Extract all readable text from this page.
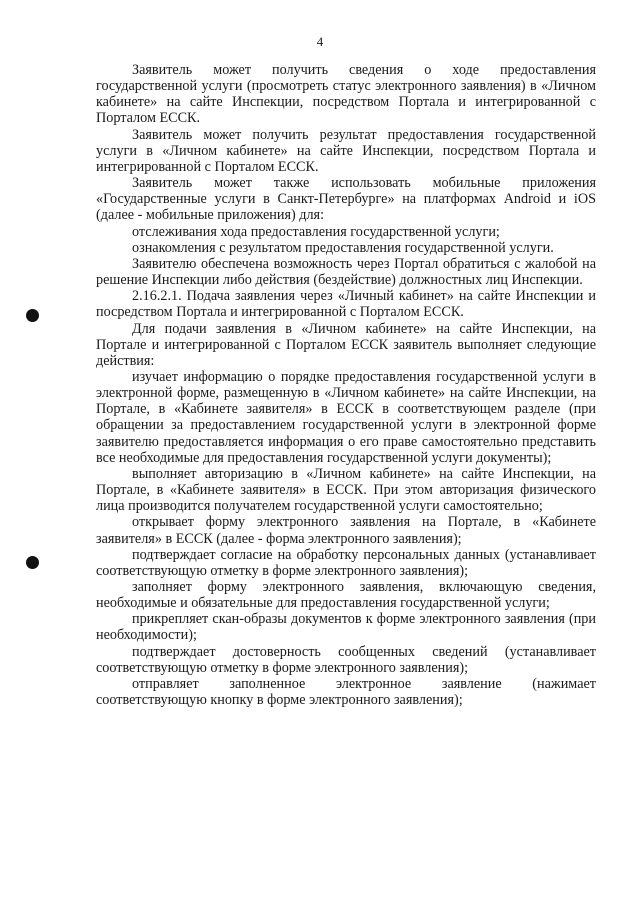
4

Заявитель может получить сведения о ходе предоставления государственной услуги (просмотреть статус электронного заявления) в «Личном кабинете» на сайте Инспекции, посредством Портала и интегрированной с Порталом ЕССК.

Заявитель может получить результат предоставления государственной услуги в «Личном кабинете» на сайте Инспекции, посредством Портала и интегрированной с Порталом ЕССК.

Заявитель может также использовать мобильные приложения «Государственные услуги в Санкт-Петербурге» на платформах Android и iOS (далее - мобильные приложения) для:

отслеживания хода предоставления государственной услуги;

ознакомления с результатом предоставления государственной услуги.

Заявителю обеспечена возможность через Портал обратиться с жалобой на решение Инспекции либо действия (бездействие) должностных лиц Инспекции.

2.16.2.1. Подача заявления через «Личный кабинет» на сайте Инспекции и посредством Портала и интегрированной с Порталом ЕССК.

Для подачи заявления в «Личном кабинете» на сайте Инспекции, на Портале и интегрированной с Порталом ЕССК заявитель выполняет следующие действия:

изучает информацию о порядке предоставления государственной услуги в электронной форме, размещенную в «Личном кабинете» на сайте Инспекции, на Портале, в «Кабинете заявителя» в ЕССК в соответствующем разделе (при обращении за предоставлением государственной услуги в электронной форме заявителю предоставляется информация о его праве самостоятельно представить все необходимые для предоставления государственной услуги документы);

выполняет авторизацию в «Личном кабинете» на сайте Инспекции, на Портале, в «Кабинете заявителя» в ЕССК. При этом авторизация физического лица производится получателем государственной услуги самостоятельно;

открывает форму электронного заявления на Портале, в «Кабинете заявителя» в ЕССК (далее - форма электронного заявления);

подтверждает согласие на обработку персональных данных (устанавливает соответствующую отметку в форме электронного заявления);

заполняет форму электронного заявления, включающую сведения, необходимые и обязательные для предоставления государственной услуги;

прикрепляет скан-образы документов к форме электронного заявления (при необходимости);

подтверждает достоверность сообщенных сведений (устанавливает соответствующую отметку в форме электронного заявления);

отправляет заполненное электронное заявление (нажимает соответствующую кнопку в форме электронного заявления);
